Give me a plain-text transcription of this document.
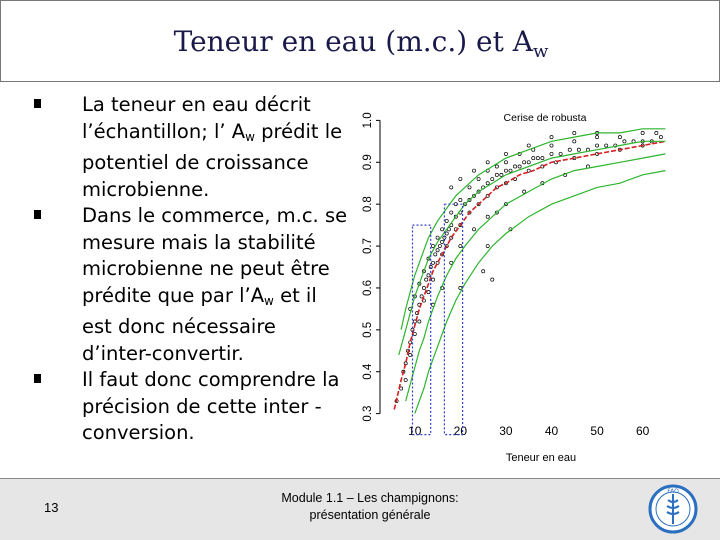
Teneur en eau (m.c.) et $A_w$
La teneur en eau décrit l’échantillon; l’ $A_w$ prédit le potentiel de croissance microbienne.
Dans le commerce, m.c. se mesure mais la stabilité microbienne ne peut être prédite que par $l’A_w$ et il est donc nécessaire d’inter-convertir.
Il faut donc comprendre la précision de cette inter -conversion.
0.3
0.4
0.5
0.6
0.7
0.8
0.9
1.0
10	20	30	40	50	60
Cerise de robusta
Teneur en eau
13
Module 1.1 – Les champignons:
présentation générale
FAO
